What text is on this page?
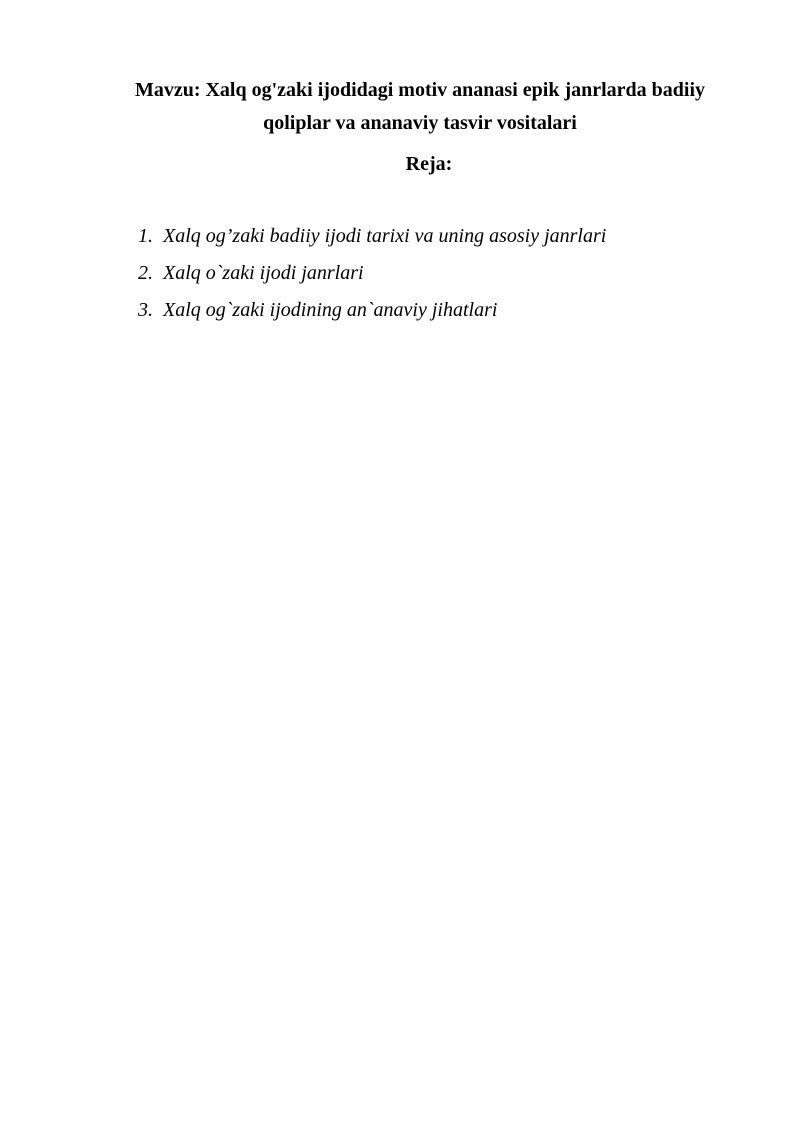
Mavzu: Xalq og'zaki ijodidagi motiv ananasi epik janrlarda badiiy
qoliplar va ananaviy tasvir vositalari
Reja:
1. Xalq og’zaki badiiy ijodi tarixi va uning asosiy janrlari
2. Xalq o`zaki ijodi janrlari
3. Xalq og`zaki ijodining an`anaviy jihatlari
